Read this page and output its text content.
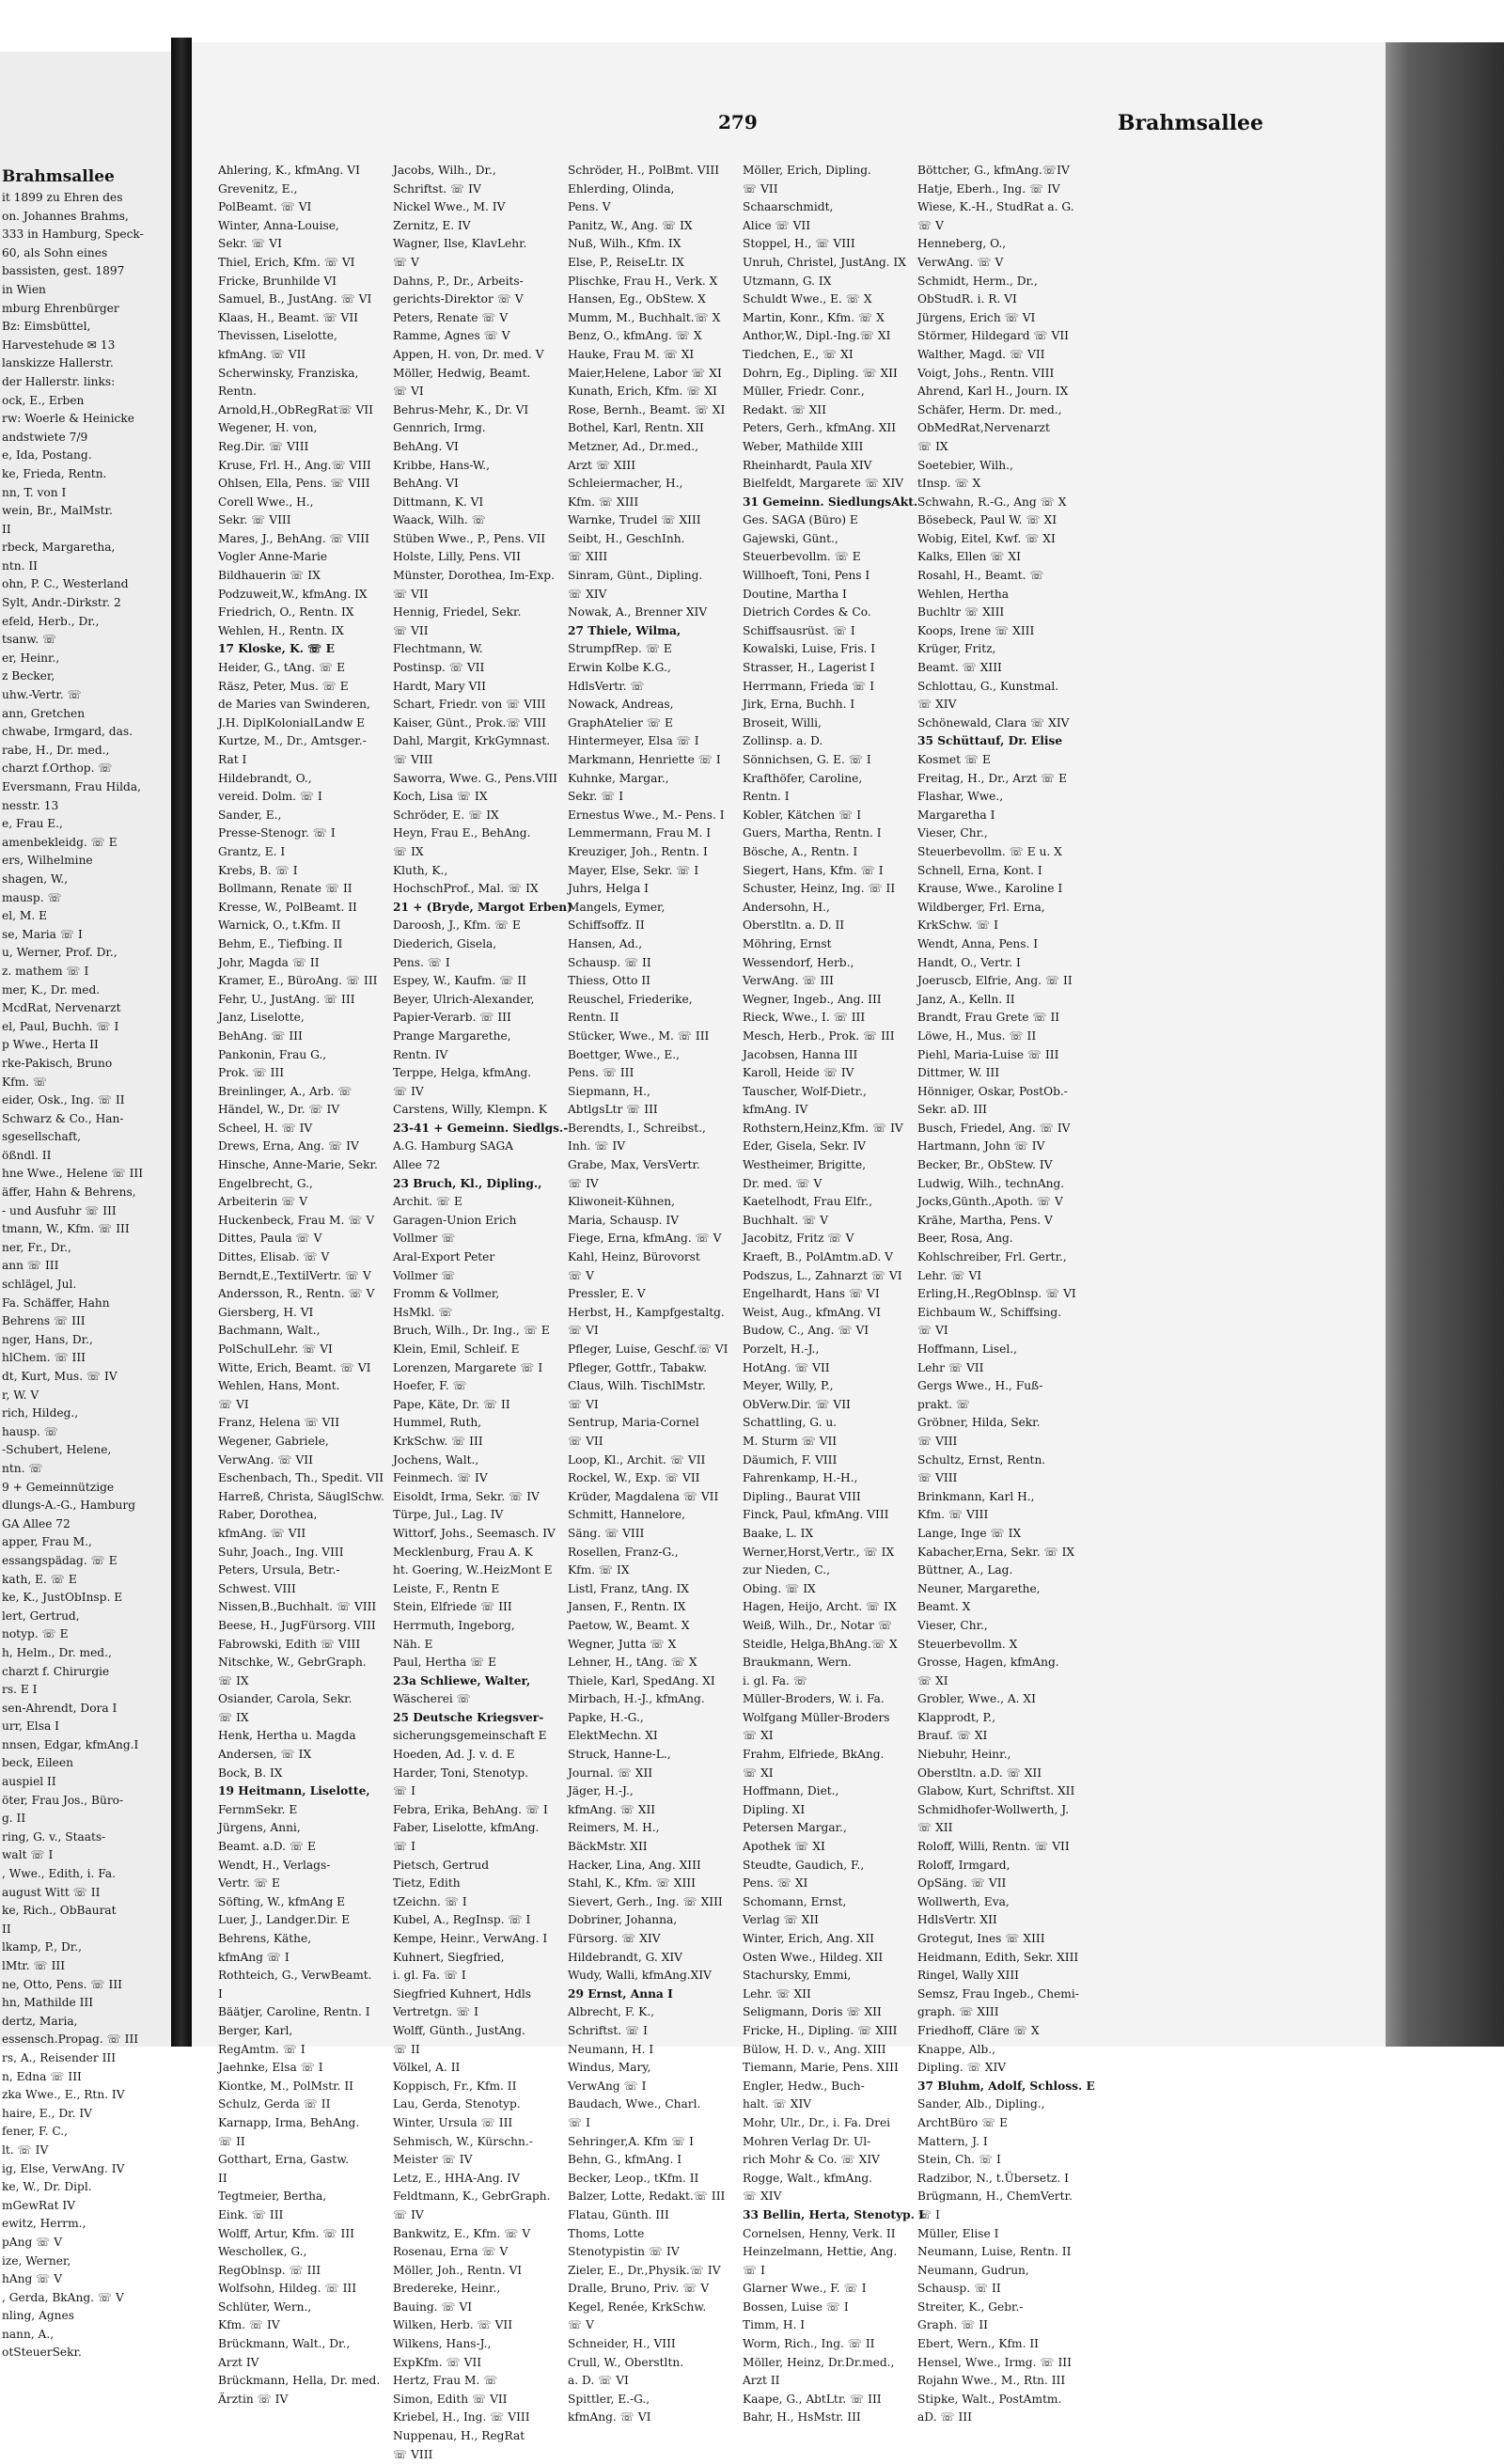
Brahmsallee
it 1899 zu Ehren des
on. Johannes Brahms,
333 in Hamburg, Speck-
60, als Sohn eines
bassisten, gest. 1897
in Wien
mburg Ehrenbürger
Bz: Eimsbüttel,
Harvestehude ✉ 13
lanskizze Hallerstr.
der Hallerstr. links:
ock, E., Erben
rw: Woerle & Heinicke
andstwiete 7/9
e, Ida, Postang.
ke, Frieda, Rentn.
nn, T. von I
wein, Br., MalMstr.
II
rbeck, Margaretha,
ntn. II
ohn, P. C., Westerland
Sylt, Andr.-Dirkstr. 2
efeld, Herb., Dr.,
tsanw. ☏
er, Heinr.,
z Becker,
uhw.-Vertr. ☏
ann, Gretchen
chwabe, Irmgard, das.
rabe, H., Dr. med.,
charzt f.Orthop. ☏
Eversmann, Frau Hilda,
nesstr. 13
e, Frau E.,
amenbekleidg. ☏ E
ers, Wilhelmine
shagen, W.,
mausp. ☏
el, M. E
se, Maria ☏ I
u, Werner, Prof. Dr.,
z. mathem ☏ I
mer, K., Dr. med.
McdRat, Nervenarzt
el, Paul, Buchh. ☏ I
p Wwe., Herta II
rke-Pakisch, Bruno
Kfm. ☏
eider, Osk., Ing. ☏ II
Schwarz & Co., Han-
sgesellschaft,
ößndl. II
hne Wwe., Helene ☏ III
äffer, Hahn & Behrens,
- und Ausfuhr ☏ III
tmann, W., Kfm. ☏ III
ner, Fr., Dr.,
ann ☏ III
schlägel, Jul.
Fa. Schäffer, Hahn
Behrens ☏ III
nger, Hans, Dr.,
hlChem. ☏ III
dt, Kurt, Mus. ☏ IV
r, W. V
rich, Hildeg.,
hausp. ☏
-Schubert, Helene,
ntn. ☏
9 + Gemeinnützige
dlungs-A.-G., Hamburg
GA Allee 72
apper, Frau M.,
essangspädag. ☏ E
kath, E. ☏ E
ke, K., JustObInsp. E
lert, Gertrud,
notyp. ☏ E
h, Helm., Dr. med.,
charzt f. Chirurgie
rs. E I
sen-Ahrendt, Dora I
urr, Elsa I
nnsen, Edgar, kfmAng.I
beck, Eileen
auspiel II
öter, Frau Jos., Büro-
g. II
ring, G. v., Staats-
walt ☏ I
, Wwe., Edith, i. Fa.
august Witt ☏ II
ke, Rich., ObBaurat
II
lkamp, P., Dr.,
lMtr. ☏ III
ne, Otto, Pens. ☏ III
hn, Mathilde III
dertz, Maria,
essensch.Propag. ☏ III
rs, A., Reisender III
n, Edna ☏ III
zka Wwe., E., Rtn. IV
haire, E., Dr. IV
fener, F. C.,
lt. ☏ IV
ig, Else, VerwAng. IV
ke, W., Dr. Dipl.
mGewRat IV
ewitz, Herrm.,
pAng ☏ V
ize, Werner,
hAng ☏ V
, Gerda, BkAng. ☏ V
nling, Agnes
nann, A.,
otSteuerSekr.
279	Brahmsallee
Ahlering, K., kfmAng. VI
Grevenitz, E.,
PolBeamt. ☏ VI
Winter, Anna-Louise,
Sekr. ☏ VI
Thiel, Erich, Kfm. ☏ VI
Fricke, Brunhilde VI
Samuel, B., JustAng. ☏ VI
Klaas, H., Beamt. ☏ VII
Thevissen, Liselotte,
kfmAng. ☏ VII
Scherwinsky, Franziska,
Rentn.
Arnold,H.,ObRegRat☏ VII
Wegener, H. von,
Reg.Dir. ☏ VIII
Kruse, Frl. H., Ang.☏ VIII
Ohlsen, Ella, Pens. ☏ VIII
Corell Wwe., H.,
Sekr. ☏ VIII
Mares, J., BehAng. ☏ VIII
Vogler Anne-Marie
Bildhauerin ☏ IX
Podzuweit,W., kfmAng. IX
Friedrich, O., Rentn. IX
Wehlen, H., Rentn. IX
17 Kloske, K. ☏ E
Heider, G., tAng. ☏ E
Räsz, Peter, Mus. ☏ E
de Maries van Swinderen,
J.H. DiplKolonialLandw E
Kurtze, M., Dr., Amtsger.-
Rat I
Hildebrandt, O.,
vereid. Dolm. ☏ I
Sander, E.,
Presse-Stenogr. ☏ I
Grantz, E. I
Krebs, B. ☏ I
Bollmann, Renate ☏ II
Kresse, W., PolBeamt. II
Warnick, O., t.Kfm. II
Behm, E., Tiefbing. II
Johr, Magda ☏ II
Kramer, E., BüroAng. ☏ III
Fehr, U., JustAng. ☏ III
Janz, Liselotte,
BehAng. ☏ III
Pankonin, Frau G.,
Prok. ☏ III
Breinlinger, A., Arb. ☏
Händel, W., Dr. ☏ IV
Scheel, H. ☏ IV
Drews, Erna, Ang. ☏ IV
Hinsche, Anne-Marie, Sekr.
Engelbrecht, G.,
Arbeiterin ☏ V
Huckenbeck, Frau M. ☏ V
Dittes, Paula ☏ V
Dittes, Elisab. ☏ V
Berndt,E.,TextilVertr. ☏ V
Andersson, R., Rentn. ☏ V
Giersberg, H. VI
Bachmann, Walt.,
PolSchulLehr. ☏ VI
Witte, Erich, Beamt. ☏ VI
Wehlen, Hans, Mont.
☏ VI
Franz, Helena ☏ VII
Wegener, Gabriele,
VerwAng. ☏ VII
Eschenbach, Th., Spedit. VII
Harreß, Christa, SäuglSchw.
Raber, Dorothea,
kfmAng. ☏ VII
Suhr, Joach., Ing. VIII
Peters, Ursula, Betr.-
Schwest. VIII
Nissen,B.,Buchhalt. ☏ VIII
Beese, H., JugFürsorg. VIII
Fabrowski, Edith ☏ VIII
Nitschke, W., GebrGraph.
☏ IX
Osiander, Carola, Sekr.
☏ IX
Henk, Hertha u. Magda
Andersen, ☏ IX
Bock, B. IX
19 Heitmann, Liselotte,
FernmSekr. E
Jürgens, Anni,
Beamt. a.D. ☏ E
Wendt, H., Verlags-
Vertr. ☏ E
Söfting, W., kfmAng E
Luer, J., Landger.Dir. E
Behrens, Käthe,
kfmAng ☏ I
Rothteich, G., VerwBeamt.
I
Bäätjer, Caroline, Rentn. I
Berger, Karl,
RegAmtm. ☏ I
Jaehnke, Elsa ☏ I
Kiontke, M., PolMstr. II
Schulz, Gerda ☏ II
Karnapp, Irma, BehAng.
☏ II
Gotthart, Erna, Gastw.
II
Tegtmeier, Bertha,
Eink. ☏ III
Wolff, Artur, Kfm. ☏ III
Wescholleк, G.,
RegOblnsp. ☏ III
Wolfsohn, Hildeg. ☏ III
Schlüter, Wern.,
Kfm. ☏ IV
Brückmann, Walt., Dr.,
Arzt IV
Brückmann, Hella, Dr. med.
Ärztin ☏ IV
Jacobs, Wilh., Dr.,
Schriftst. ☏ IV
Nickel Wwe., M. IV
Zernitz, E. IV
Wagner, Ilse, KlavLehr.
☏ V
Dahns, P., Dr., Arbeits-
gerichts-Direktor ☏ V
Peters, Renate ☏ V
Ramme, Agnes ☏ V
Appen, H. von, Dr. med. V
Möller, Hedwig, Beamt.
☏ VI
Behrus-Mehr, K., Dr. VI
Gennrich, Irmg.
BehAng. VI
Kribbe, Hans-W.,
BehAng. VI
Dittmann, K. VI
Waack, Wilh. ☏
Stüben Wwe., P., Pens. VII
Holste, Lilly, Pens. VII
Münster, Dorothea, Im-Exp.
☏ VII
Hennig, Friedel, Sekr.
☏ VII
Flechtmann, W.
Postinsp. ☏ VII
Hardt, Mary VII
Schart, Friedr. von ☏ VIII
Kaiser, Günt., Prok.☏ VIII
Dahl, Margit, KrkGymnast.
☏ VIII
Saworra, Wwe. G., Pens.VIII
Koch, Lisa ☏ IX
Schröder, E. ☏ IX
Heyn, Frau E., BehAng.
☏ IX
Kluth, K.,
HochschProf., Mal. ☏ IX
21 + (Bryde, Margot Erben)
Daroosh, J., Kfm. ☏ E
Diederich, Gisela,
Pens. ☏ I
Espey, W., Kaufm. ☏ II
Beyer, Ulrich-Alexander,
Papier-Verarb. ☏ III
Prange Margarethe,
Rentn. IV
Terppe, Helga, kfmAng.
☏ IV
Carstens, Willy, Klempn. K
23-41 + Gemeinn. Siedlgs.-
A.G. Hamburg SAGA
Allee 72
23 Bruch, Kl., Dipling.,
Archit. ☏ E
Garagen-Union Erich
Vollmer ☏
Aral-Export Peter
Vollmer ☏
Fromm & Vollmer,
HsMkl. ☏
Bruch, Wilh., Dr. Ing., ☏ E
Klein, Emil, Schleif. E
Lorenzen, Margarete ☏ I
Hoefer, F. ☏
Pape, Käte, Dr. ☏ II
Hummel, Ruth,
KrkSchw. ☏ III
Jochens, Walt.,
Feinmech. ☏ IV
Eisoldt, Irma, Sekr. ☏ IV
Türpe, Jul., Lag. IV
Wittorf, Johs., Seemasch. IV
Mecklenburg, Frau A. K
ht. Goering, W..HeizMont E
Leiste, F., Rentn E
Stein, Elfriede ☏ III
Herrmuth, Ingeborg,
Näh. E
Paul, Hertha ☏ E
23a Schliewe, Walter,
Wäscherei ☏
25 Deutsche Kriegsver-
sicherungsgemeinschaft E
Hoeden, Ad. J. v. d. E
Harder, Toni, Stenotyp.
☏ I
Febra, Erika, BehAng. ☏ I
Faber, Liselotte, kfmAng.
☏ I
Pietsch, Gertrud
Tietz, Edith
tZeichn. ☏ I
Kubel, A., RegInsp. ☏ I
Kempe, Heinr., VerwAng. I
Kuhnert, Siegfried,
i. gl. Fa. ☏ I
Siegfried Kuhnert, Hdls
Vertretgn. ☏ I
Wolff, Günth., JustAng.
☏ II
Völkel, A. II
Koppisch, Fr., Kfm. II
Lau, Gerda, Stenotyp.
Winter, Ursula ☏ III
Sehmisch, W., Kürschn.-
Meister ☏ IV
Letz, E., HHA-Ang. IV
Feldtmann, K., GebrGraph.
☏ IV
Bankwitz, E., Kfm. ☏ V
Rosenau, Erna ☏ V
Möller, Joh., Rentn. VI
Bredereke, Heinr.,
Bauing. ☏ VI
Wilken, Herb. ☏ VII
Wilkens, Hans-J.,
ExpKfm. ☏ VII
Hertz, Frau M. ☏
Simon, Edith ☏ VII
Kriebel, H., Ing. ☏ VIII
Nuppenau, H., RegRat
☏ VIII
Schröder, H., PolBmt. VIII
Ehlerding, Olinda,
Pens. V
Panitz, W., Ang. ☏ IX
Nuß, Wilh., Kfm. IX
Else, P., ReiseLtr. IX
Plischke, Frau H., Verk. X
Hansen, Eg., ObStew. X
Mumm, M., Buchhalt.☏ X
Benz, O., kfmAng. ☏ X
Hauke, Frau M. ☏ XI
Maier,Helene, Labor ☏ XI
Kunath, Erich, Kfm. ☏ XI
Rose, Bernh., Beamt. ☏ XI
Bothel, Karl, Rentn. XII
Metzner, Ad., Dr.med.,
Arzt ☏ XIII
Schleiermacher, H.,
Kfm. ☏ XIII
Warnke, Trudel ☏ XIII
Seibt, H., GeschInh.
☏ XIII
Sinram, Günt., Dipling.
☏ XIV
Nowak, A., Brenner XIV
27 Thiele, Wilma,
StrumpfRep. ☏ E
Erwin Kolbe K.G.,
HdlsVertr. ☏
Nowack, Andreas,
GraphAtelier ☏ E
Hintermeyer, Elsa ☏ I
Markmann, Henriette ☏ I
Kuhnke, Margar.,
Sekr. ☏ I
Ernestus Wwe., M.- Pens. I
Lemmermann, Frau M. I
Kreuziger, Joh., Rentn. I
Mayer, Else, Sekr. ☏ I
Juhrs, Helga I
Mangels, Eymer,
Schiffsoffz. II
Hansen, Ad.,
Schausp. ☏ II
Thiess, Otto II
Reuschel, Friederike,
Rentn. II
Stücker, Wwe., M. ☏ III
Boettger, Wwe., E.,
Pens. ☏ III
Siepmann, H.,
AbtlgsLtr ☏ III
Berendts, I., Schreibst.,
Inh. ☏ IV
Grabe, Max, VersVertr.
☏ IV
Kliwoneit-Kühnen,
Maria, Schausp. IV
Fiege, Erna, kfmAng. ☏ V
Kahl, Heinz, Bürovorst
☏ V
Pressler, E. V
Herbst, H., Kampfgestaltg.
☏ VI
Pfleger, Luise, Geschf.☏ VI
Pfleger, Gottfr., Tabakw.
Claus, Wilh. TischlMstr.
☏ VI
Sentrup, Maria-Cornel
☏ VII
Loop, Kl., Archit. ☏ VII
Rockel, W., Exp. ☏ VII
Krüder, Magdalena ☏ VII
Schmitt, Hannelore,
Säng. ☏ VIII
Rosellen, Franz-G.,
Kfm. ☏ IX
Listl, Franz, tAng. IX
Jansen, F., Rentn. IX
Paetow, W., Beamt. X
Wegner, Jutta ☏ X
Lehner, H., tAng. ☏ X
Thiele, Karl, SpedAng. XI
Mirbach, H.-J., kfmAng.
Papke, H.-G.,
ElektMechn. XI
Struck, Hanne-L.,
Journal. ☏ XII
Jäger, H.-J.,
kfmAng. ☏ XII
Reimers, M. H.,
BäckMstr. XII
Hacker, Lina, Ang. XIII
Stahl, K., Kfm. ☏ XIII
Sievert, Gerh., Ing. ☏ XIII
Dobriner, Johanna,
Fürsorg. ☏ XIV
Hildebrandt, G. XIV
Wudy, Walli, kfmAng.XIV
29 Ernst, Anna I
Albrecht, F. K.,
Schriftst. ☏ I
Neumann, H. I
Windus, Mary,
VerwAng ☏ I
Baudach, Wwe., Charl.
☏ I
Sehringer,A. Kfm ☏ I
Behn, G., kfmAng. I
Becker, Leop., tKfm. II
Balzer, Lotte, Redakt.☏ III
Flatau, Günth. III
Thoms, Lotte
Stenotypistin ☏ IV
Zieler, E., Dr.,Physik.☏ IV
Dralle, Bruno, Priv. ☏ V
Kegel, Renée, KrkSchw.
☏ V
Schneider, H., VIII
Crull, W., Oberstltn.
a. D. ☏ VI
Spittler, E.-G.,
kfmAng. ☏ VI
Möller, Erich, Dipling.
☏ VII
Schaarschmidt,
Alice ☏ VII
Stoppel, H., ☏ VIII
Unruh, Christel, JustAng. IX
Utzmann, G. IX
Schuldt Wwe., E. ☏ X
Martin, Konr., Kfm. ☏ X
Anthor,W., Dipl.-Ing.☏ XI
Tiedchen, E., ☏ XI
Dohrn, Eg., Dipling. ☏ XII
Müller, Friedr. Conr.,
Redakt. ☏ XII
Peters, Gerh., kfmAng. XII
Weber, Mathilde XIII
Rheinhardt, Paula XIV
Bielfeldt, Margarete ☏ XIV
31 Gemeinn. SiedlungsAkt.
Ges. SAGA (Büro) E
Gajewski, Günt.,
Steuerbevollm. ☏ E
Willhoeft, Toni, Pens I
Doutine, Martha I
Dietrich Cordes & Co.
Schiffsausrüst. ☏ I
Kowalski, Luise, Fris. I
Strasser, H., Lagerist I
Herrmann, Frieda ☏ I
Jirk, Erna, Buchh. I
Broseit, Willi,
Zollinsp. a. D.
Sönnichsen, G. E. ☏ I
Krafthöfer, Caroline,
Rentn. I
Kobler, Kätchen ☏ I
Guers, Martha, Rentn. I
Bösche, A., Rentn. I
Siegert, Hans, Kfm. ☏ I
Schuster, Heinz, Ing. ☏ II
Andersohn, H.,
Oberstltn. a. D. II
Möhring, Ernst
Wessendorf, Herb.,
VerwAng. ☏ III
Wegner, Ingeb., Ang. III
Rieck, Wwe., I. ☏ III
Mesch, Herb., Prok. ☏ III
Jacobsen, Hanna III
Karoll, Heide ☏ IV
Tauscher, Wolf-Dietr.,
kfmAng. IV
Rothstern,Heinz,Kfm. ☏ IV
Eder, Gisela, Sekr. IV
Westheimer, Brigitte,
Dr. med. ☏ V
Kaetelhodt, Frau Elfr.,
Buchhalt. ☏ V
Jacobitz, Fritz ☏ V
Kraeft, B., PolAmtm.aD. V
Podszus, L., Zahnarzt ☏ VI
Engelhardt, Hans ☏ VI
Weist, Aug., kfmAng. VI
Budow, C., Ang. ☏ VI
Porzelt, H.-J.,
HotAng. ☏ VII
Meyer, Willy, P.,
ObVerw.Dir. ☏ VII
Schattling, G. u.
M. Sturm ☏ VII
Däumich, F. VIII
Fahrenkamp, H.-H.,
Dipling., Baurat VIII
Finck, Paul, kfmAng. VIII
Baake, L. IX
Werner,Horst,Vertr., ☏ IX
zur Nieden, C.,
Obing. ☏ IX
Hagen, Heijo, Archt. ☏ IX
Weiß, Wilh., Dr., Notar ☏
Steidle, Helga,BhAng.☏ X
Braukmann, Wern.
i. gl. Fa. ☏
Müller-Broders, W. i. Fa.
Wolfgang Müller-Broders
☏ XI
Frahm, Elfriede, BkAng.
☏ XI
Hoffmann, Diet.,
Dipling. XI
Petersen Margar.,
Apothek ☏ XI
Steudte, Gaudich, F.,
Pens. ☏ XI
Schomann, Ernst,
Verlag ☏ XII
Winter, Erich, Ang. XII
Osten Wwe., Hildeg. XII
Stachursky, Emmi,
Lehr. ☏ XII
Seligmann, Doris ☏ XII
Fricke, H., Dipling. ☏ XIII
Bülow, H. D. v., Ang. XIII
Tiemann, Marie, Pens. XIII
Engler, Hedw., Buch-
halt. ☏ XIV
Mohr, Ulr., Dr., i. Fa. Drei
Mohren Verlag Dr. Ul-
rich Mohr & Co. ☏ XIV
Rogge, Walt., kfmAng.
☏ XIV
33 Bellin, Herta, Stenotyp. I
Cornelsen, Henny, Verk. II
Heinzelmann, Hettie, Ang.
☏ I
Glarner Wwe., F. ☏ I
Bossen, Luise ☏ I
Timm, H. I
Worm, Rich., Ing. ☏ II
Möller, Heinz, Dr.Dr.med.,
Arzt II
Kaape, G., AbtLtr. ☏ III
Bahr, H., HsMstr. III
Böttcher, G., kfmAng.☏IV
Hatje, Eberh., Ing. ☏ IV
Wiese, K.-H., StudRat a. G.
☏ V
Henneberg, O.,
VerwAng. ☏ V
Schmidt, Herm., Dr.,
ObStudR. i. R. VI
Jürgens, Erich ☏ VI
Störmer, Hildegard ☏ VII
Walther, Magd. ☏ VII
Voigt, Johs., Rentn. VIII
Ahrend, Karl H., Journ. IX
Schäfer, Herm. Dr. med.,
ObMedRat,Nervenarzt
☏ IX
Soetebier, Wilh.,
tInsp. ☏ X
Schwahn, R.-G., Ang ☏ X
Bösebeck, Paul W. ☏ XI
Wobig, Eitel, Kwf. ☏ XI
Kalks, Ellen ☏ XI
Rosahl, H., Beamt. ☏
Wehlen, Hertha
Buchltr ☏ XIII
Koops, Irene ☏ XIII
Krüger, Fritz,
Beamt. ☏ XIII
Schlottau, G., Kunstmal.
☏ XIV
Schönewald, Clara ☏ XIV
35 Schüttauf, Dr. Elise
Kosmet ☏ E
Freitag, H., Dr., Arzt ☏ E
Flashar, Wwe.,
Margaretha I
Vieser, Chr.,
Steuerbevollm. ☏ E u. X
Schnell, Erna, Kont. I
Krause, Wwe., Karoline I
Wildberger, Frl. Erna,
KrkSchw. ☏ I
Wendt, Anna, Pens. I
Handt, O., Vertr. I
Joeruscb, Elfrie, Ang. ☏ II
Janz, A., Kelln. II
Brandt, Frau Grete ☏ II
Löwe, H., Mus. ☏ II
Piehl, Maria-Luise ☏ III
Dittmer, W. III
Hönniger, Oskar, PostOb.-
Sekr. aD. III
Busch, Friedel, Ang. ☏ IV
Hartmann, John ☏ IV
Becker, Br., ObStew. IV
Ludwig, Wilh., technAng.
Jocks,Günth.,Apoth. ☏ V
Krähe, Martha, Pens. V
Beer, Rosa, Ang.
Kohlschreiber, Frl. Gertr.,
Lehr. ☏ VI
Erling,H.,RegOblnsp. ☏ VI
Eichbaum W., Schiffsing.
☏ VI
Hoffmann, Lisel.,
Lehr ☏ VII
Gergs Wwe., H., Fuß-
prakt. ☏
Gröbner, Hilda, Sekr.
☏ VIII
Schultz, Ernst, Rentn.
☏ VIII
Brinkmann, Karl H.,
Kfm. ☏ VIII
Lange, Inge ☏ IX
Kabacher,Erna, Sekr. ☏ IX
Büttner, A., Lag.
Neuner, Margarethe,
Beamt. X
Vieser, Chr.,
Steuerbevollm. X
Grosse, Hagen, kfmAng.
☏ XI
Grobler, Wwe., A. XI
Klapprodt, P.,
Brauf. ☏ XI
Niebuhr, Heinr.,
Oberstltn. a.D. ☏ XII
Glabow, Kurt, Schriftst. XII
Schmidhofer-Wollwerth, J.
☏ XII
Roloff, Willi, Rentn. ☏ VII
Roloff, Irmgard,
OpSäng. ☏ VII
Wollwerth, Eva,
HdlsVertr. XII
Grotegut, Ines ☏ XIII
Heidmann, Edith, Sekr. XIII
Ringel, Wally XIII
Semsz, Frau Ingeb., Chemi-
graph. ☏ XIII
Friedhoff, Cläre ☏ X
Knappe, Alb.,
Dipling. ☏ XIV
37 Bluhm, Adolf, Schloss. E
Sander, Alb., Dipling.,
ArchtBüro ☏ E
Mattern, J. I
Stein, Ch. ☏ I
Radzibor, N., t.Übersetz. I
Brügmann, H., ChemVertr.
☏ I
Müller, Elise I
Neumann, Luise, Rentn. II
Neumann, Gudrun,
Schausp. ☏ II
Streiter, K., Gebr.-
Graph. ☏ II
Ebert, Wern., Kfm. II
Hensel, Wwe., Irmg. ☏ III
Rojahn Wwe., M., Rtn. III
Stipke, Walt., PostAmtm.
aD. ☏ III
